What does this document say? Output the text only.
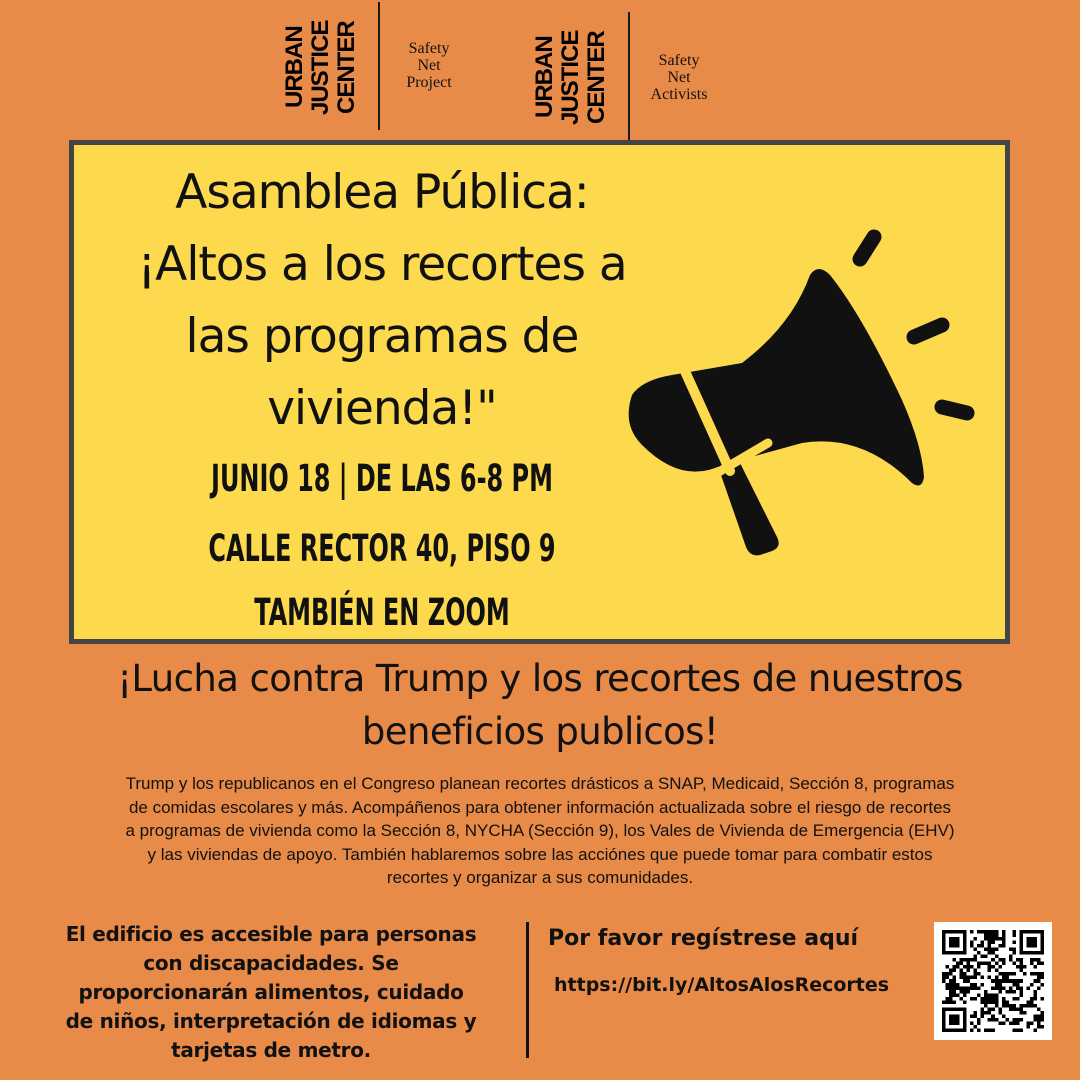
URBAN JUSTICE CENTER	Safety
Net
Project	URBAN JUSTICE CENTER	Safety
Net
Activists
Asamblea Pública:
¡Altos a los recortes a
las programas de
vivienda!"
JUNIO 18 | DE LAS 6-8 PM
CALLE RECTOR 40, PISO 9
TAMBIÉN EN ZOOM
¡Lucha contra Trump y los recortes de nuestros
beneficios publicos!
Trump y los republicanos en el Congreso planean recortes drásticos a SNAP, Medicaid, Sección 8, programas
de comidas escolares y más. Acompáñenos para obtener información actualizada sobre el riesgo de recortes
a programas de vivienda como la Sección 8, NYCHA (Sección 9), los Vales de Vivienda de Emergencia (EHV)
y las viviendas de apoyo. También hablaremos sobre las acciónes que puede tomar para combatir estos
recortes y organizar a sus comunidades.
El edificio es accesible para personas
con discapacidades. Se
proporcionarán alimentos, cuidado
de niños, interpretación de idiomas y
tarjetas de metro.
Por favor regístrese aquí
https://bit.ly/AltosAlosRecortes
